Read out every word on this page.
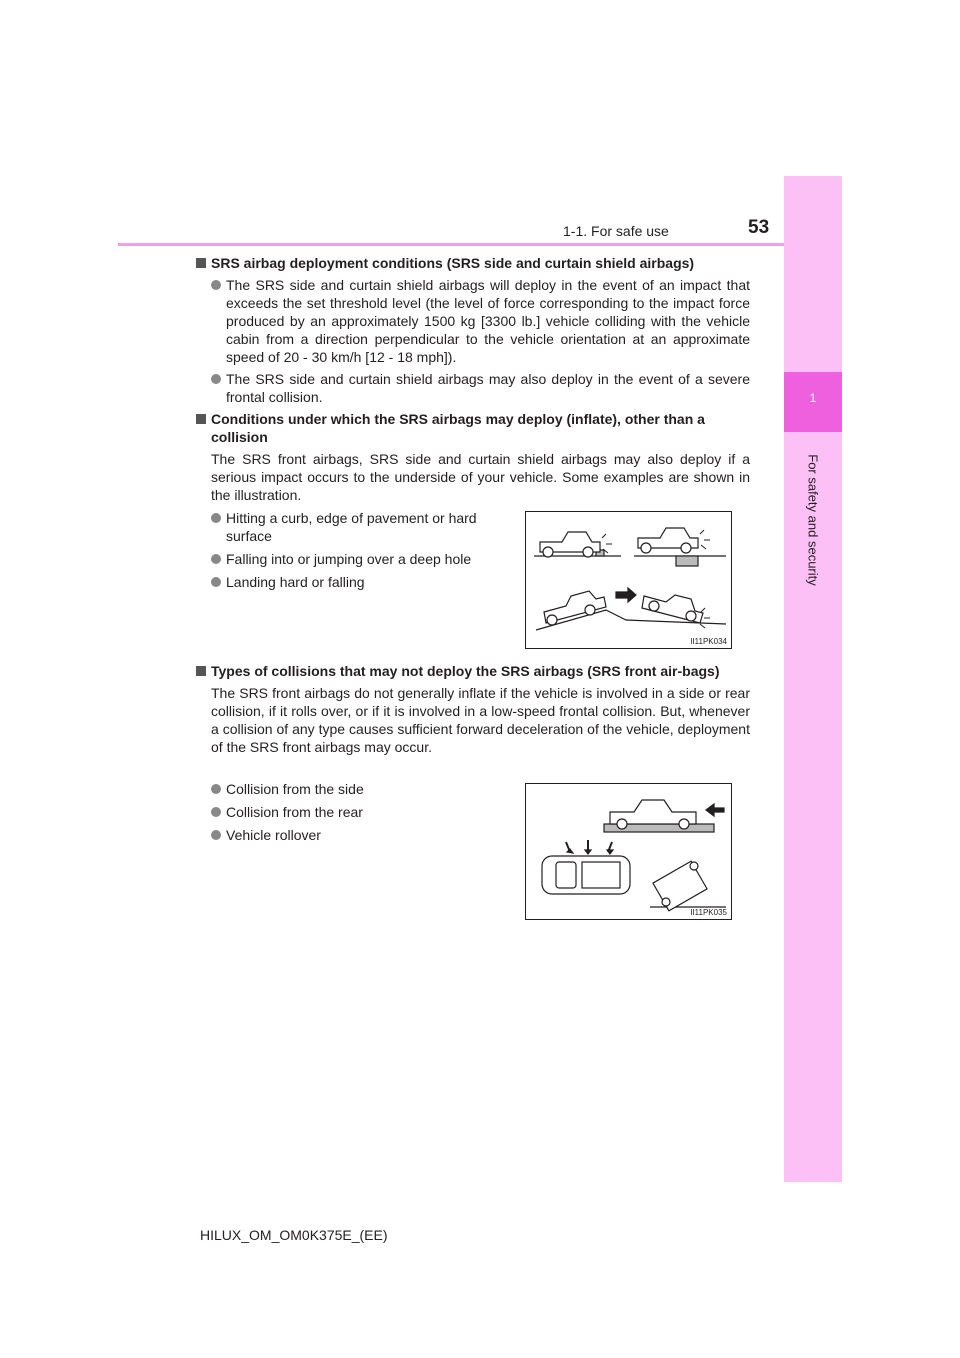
1-1. For safe use	53
1
For safety and security
SRS airbag deployment conditions (SRS side and curtain shield airbags)
The SRS side and curtain shield airbags will deploy in the event of an impact that exceeds the set threshold level (the level of force corresponding to the impact force produced by an approximately 1500 kg [3300 lb.] vehicle colliding with the vehicle cabin from a direction perpendicular to the vehicle orientation at an approximate speed of 20 - 30 km/h [12 - 18 mph]).
The SRS side and curtain shield airbags may also deploy in the event of a severe frontal collision.
Conditions under which the SRS airbags may deploy (inflate), other than a collision
The SRS front airbags, SRS side and curtain shield airbags may also deploy if a serious impact occurs to the underside of your vehicle. Some examples are shown in the illustration.
Hitting a curb, edge of pavement or hard surface
Falling into or jumping over a deep hole
Landing hard or falling
II11PK034
Types of collisions that may not deploy the SRS airbags (SRS front air-bags)
The SRS front airbags do not generally inflate if the vehicle is involved in a side or rear collision, if it rolls over, or if it is involved in a low-speed frontal collision. But, whenever a collision of any type causes sufficient forward deceleration of the vehicle, deployment of the SRS front airbags may occur.
Collision from the side
Collision from the rear
Vehicle rollover
II11PK035
HILUX_OM_OM0K375E_(EE)
